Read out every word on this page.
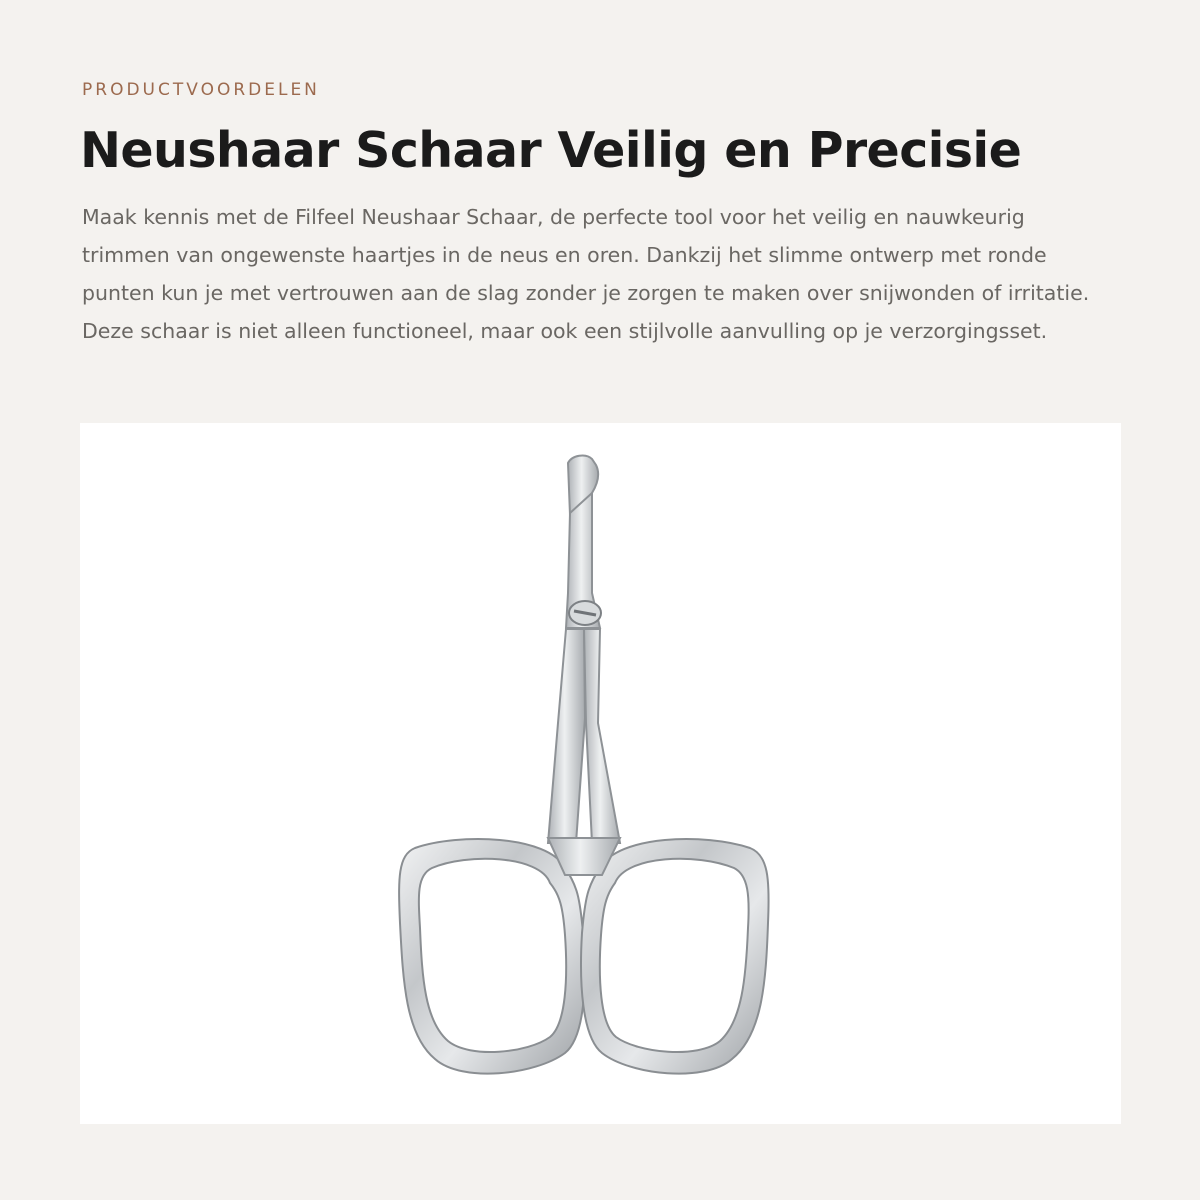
PRODUCTVOORDELEN

Neushaar Schaar Veilig en Precisie

Maak kennis met de Filfeel Neushaar Schaar, de perfecte tool voor het veilig en nauwkeurig trimmen van ongewenste haartjes in de neus en oren. Dankzij het slimme ontwerp met ronde punten kun je met vertrouwen aan de slag zonder je zorgen te maken over snijwonden of irritatie. Deze schaar is niet alleen functioneel, maar ook een stijlvolle aanvulling op je verzorgingsset.
